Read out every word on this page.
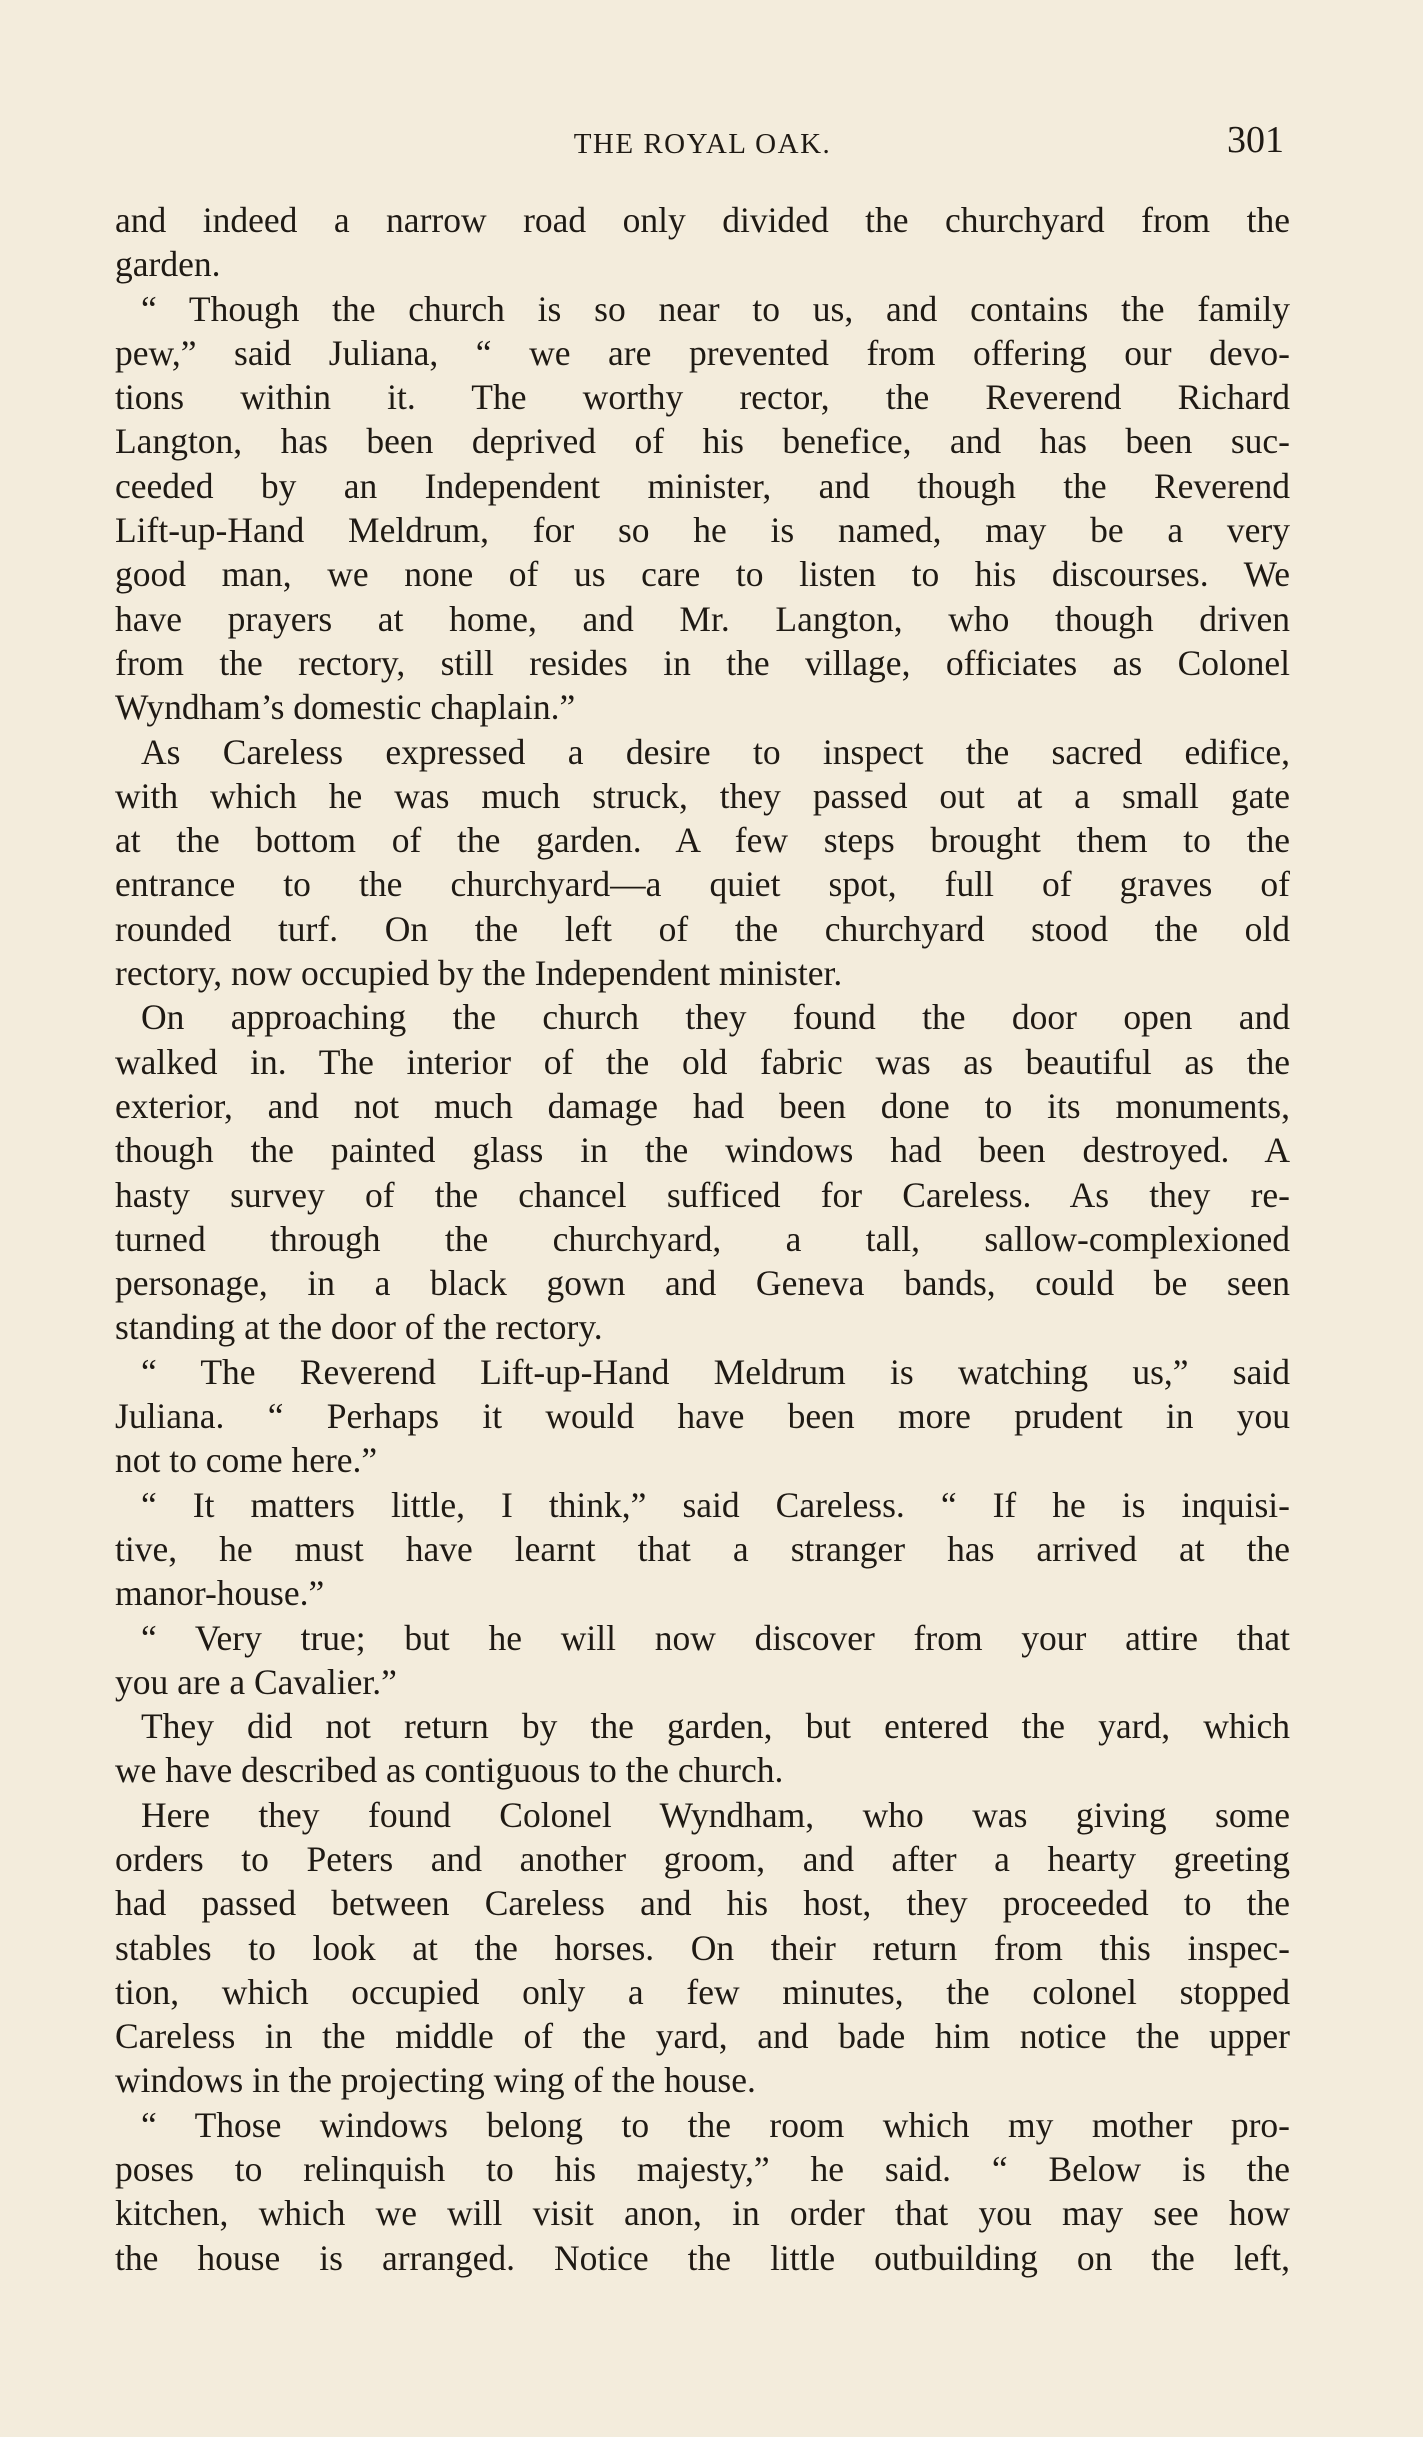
THE ROYAL OAK.	301
and indeed a narrow road only divided the churchyard from the
garden.
“ Though the church is so near to us, and contains the family
pew,” said Juliana, “ we are prevented from offering our devo-
tions within it. The worthy rector, the Reverend Richard
Langton, has been deprived of his benefice, and has been suc-
ceeded by an Independent minister, and though the Reverend
Lift-up-Hand Meldrum, for so he is named, may be a very
good man, we none of us care to listen to his discourses. We
have prayers at home, and Mr. Langton, who though driven
from the rectory, still resides in the village, officiates as Colonel
Wyndham’s domestic chaplain.”
As Careless expressed a desire to inspect the sacred edifice,
with which he was much struck, they passed out at a small gate
at the bottom of the garden. A few steps brought them to the
entrance to the churchyard—a quiet spot, full of graves of
rounded turf. On the left of the churchyard stood the old
rectory, now occupied by the Independent minister.
On approaching the church they found the door open and
walked in. The interior of the old fabric was as beautiful as the
exterior, and not much damage had been done to its monuments,
though the painted glass in the windows had been destroyed. A
hasty survey of the chancel sufficed for Careless. As they re-
turned through the churchyard, a tall, sallow-complexioned
personage, in a black gown and Geneva bands, could be seen
standing at the door of the rectory.
“ The Reverend Lift-up-Hand Meldrum is watching us,” said
Juliana. “ Perhaps it would have been more prudent in you
not to come here.”
“ It matters little, I think,” said Careless. “ If he is inquisi-
tive, he must have learnt that a stranger has arrived at the
manor-house.”
“ Very true; but he will now discover from your attire that
you are a Cavalier.”
They did not return by the garden, but entered the yard, which
we have described as contiguous to the church.
Here they found Colonel Wyndham, who was giving some
orders to Peters and another groom, and after a hearty greeting
had passed between Careless and his host, they proceeded to the
stables to look at the horses. On their return from this inspec-
tion, which occupied only a few minutes, the colonel stopped
Careless in the middle of the yard, and bade him notice the upper
windows in the projecting wing of the house.
“ Those windows belong to the room which my mother pro-
poses to relinquish to his majesty,” he said. “ Below is the
kitchen, which we will visit anon, in order that you may see how
the house is arranged. Notice the little outbuilding on the left,
